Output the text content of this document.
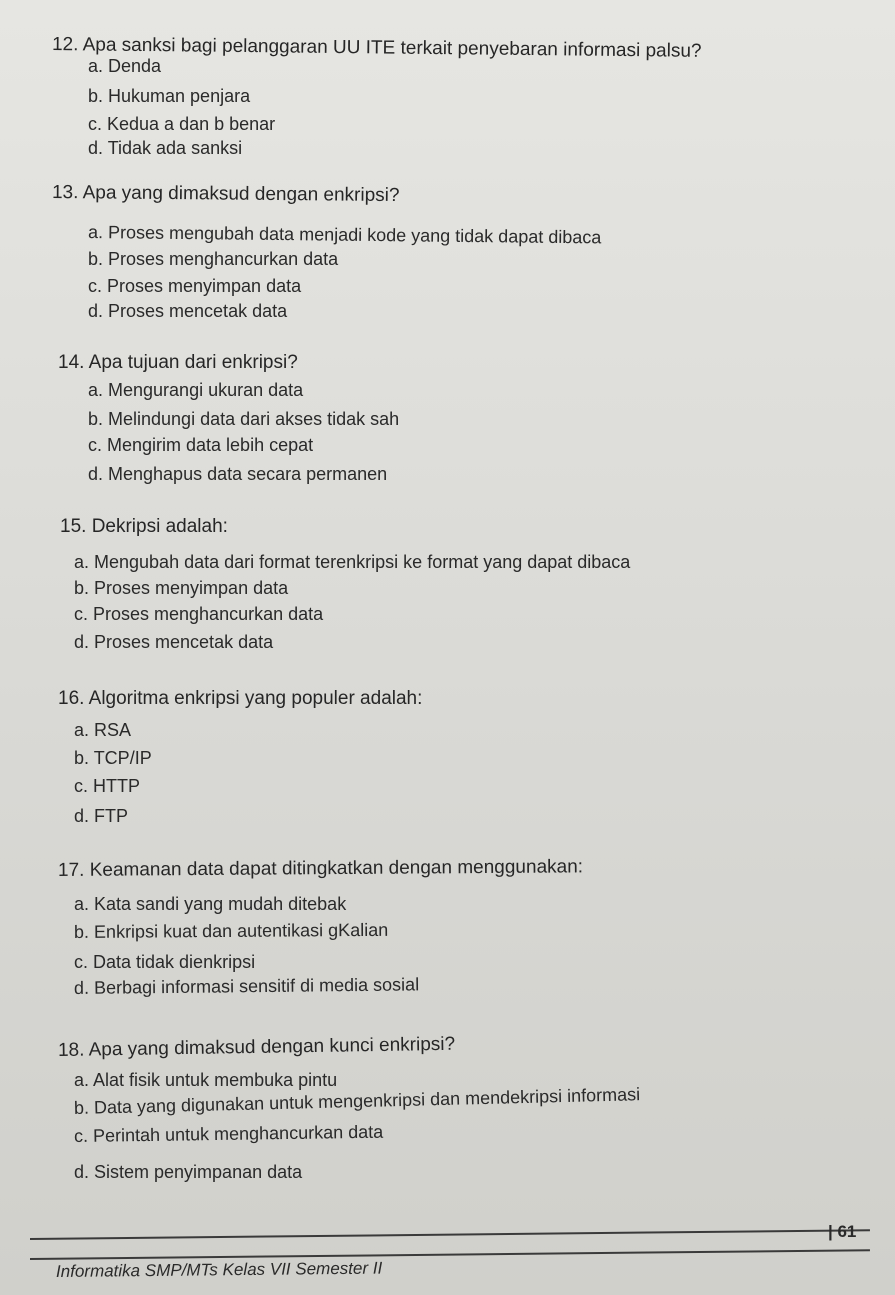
12. Apa sanksi bagi pelanggaran UU ITE terkait penyebaran informasi palsu?
a. Denda
b. Hukuman penjara
c. Kedua a dan b benar
d. Tidak ada sanksi
13. Apa yang dimaksud dengan enkripsi?
a. Proses mengubah data menjadi kode yang tidak dapat dibaca
b. Proses menghancurkan data
c. Proses menyimpan data
d. Proses mencetak data
14. Apa tujuan dari enkripsi?
a. Mengurangi ukuran data
b. Melindungi data dari akses tidak sah
c. Mengirim data lebih cepat
d. Menghapus data secara permanen
15. Dekripsi adalah:
a. Mengubah data dari format terenkripsi ke format yang dapat dibaca
b. Proses menyimpan data
c. Proses menghancurkan data
d. Proses mencetak data
16. Algoritma enkripsi yang populer adalah:
a. RSA
b. TCP/IP
c. HTTP
d. FTP
17. Keamanan data dapat ditingkatkan dengan menggunakan:
a. Kata sandi yang mudah ditebak
b. Enkripsi kuat dan autentikasi gKalian
c. Data tidak dienkripsi
d. Berbagi informasi sensitif di media sosial
18. Apa yang dimaksud dengan kunci enkripsi?
a. Alat fisik untuk membuka pintu
b. Data yang digunakan untuk mengenkripsi dan mendekripsi informasi
c. Perintah untuk menghancurkan data
d. Sistem penyimpanan data
| 61
Informatika SMP/MTs Kelas VII Semester II
